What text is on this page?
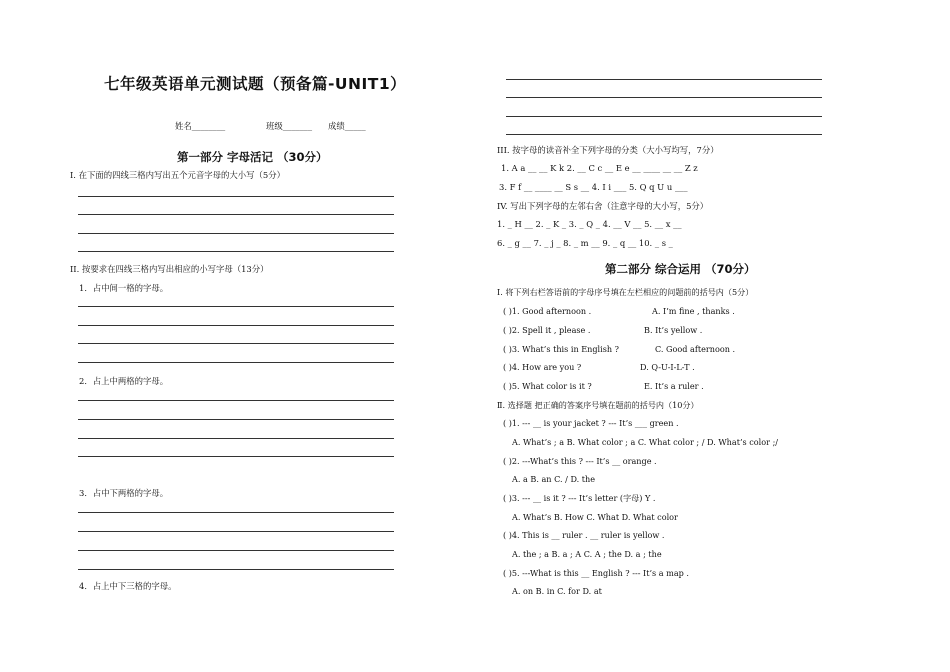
七年级英语单元测试题（预备篇-UNIT1）
姓名________	班级_______ 成绩_____
第一部分 字母活记 （30分）
I. 在下面的四线三格内写出五个元音字母的大小写（5分）
II. 按要求在四线三格内写出相应的小写字母（13分）
1．占中间一格的字母。
2．占上中两格的字母。
3．占中下两格的字母。
4．占上中下三格的字母。
III. 按字母的读音补全下列字母的分类（大小写均写，7分）
1. A a __ __ K k 2. __ C c __ E e __ ____ __ __ Z z
3. F f __ ____ __ S s __ 4. I i ___ 5. Q q U u ___
IV. 写出下列字母的左邻右舍（注意字母的大小写，5分）
1. _ H __ 2. _ K _ 3. _ Q _ 4. __ V __ 5. __ x __
6. _ g __ 7. _ j _ 8. _ m __ 9. _ q __ 10. _ s _
第二部分 综合运用 （70分）
Ⅰ. 将下列右栏答语前的字母序号填在左栏相应的问题前的括号内（5分）
( )1. Good afternoon .	A. I’m fine , thanks .
( )2. Spell it , please .	B. It’s yellow .
( )3. What’s this in English ?	C. Good afternoon .
( )4. How are you ?	D. Q-U-I-L-T .
( )5. What color is it ?	E. It’s a ruler .
Ⅱ. 选择题 把正确的答案序号填在题前的括号内（10分）
( )1. --- __ is your jacket ? --- It’s ___ green .
A. What’s ; a B. What color ; a C. What color ; / D. What’s color ;/
( )2. ---What’s this ? --- It’s __ orange .
A. a B. an C. / D. the
( )3. --- __ is it ? --- It’s letter (字母) Y .
A. What’s B. How C. What D. What color
( )4. This is __ ruler . __ ruler is yellow .
A. the ; a B. a ; A C. A ; the D. a ; the
( )5. ---What is this __ English ? --- It’s a map .
A. on B. in C. for D. at
